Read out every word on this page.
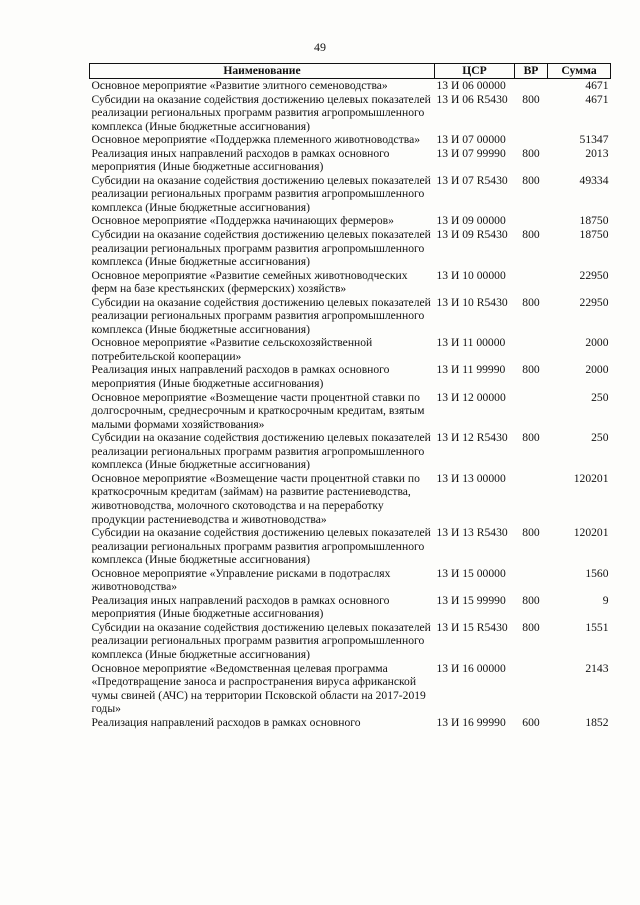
49
Наименование	ЦСР	ВР	Сумма
Основное мероприятие «Развитие элитного семеноводства»	13 И 06 00000		4671
Субсидии на оказание содействия достижению целевых показателей реализации региональных программ развития агропромышленного комплекса (Иные бюджетные ассигнования)	13 И 06 R5430	800	4671
Основное мероприятие «Поддержка племенного животноводства»	13 И 07 00000		51347
Реализация иных направлений расходов в рамках основного мероприятия (Иные бюджетные ассигнования)	13 И 07 99990	800	2013
Субсидии на оказание содействия достижению целевых показателей реализации региональных программ развития агропромышленного комплекса (Иные бюджетные ассигнования)	13 И 07 R5430	800	49334
Основное мероприятие «Поддержка начинающих фермеров»	13 И 09 00000		18750
Субсидии на оказание содействия достижению целевых показателей реализации региональных программ развития агропромышленного комплекса (Иные бюджетные ассигнования)	13 И 09 R5430	800	18750
Основное мероприятие «Развитие семейных животноводческих ферм на базе крестьянских (фермерских) хозяйств»	13 И 10 00000		22950
Субсидии на оказание содействия достижению целевых показателей реализации региональных программ развития агропромышленного комплекса (Иные бюджетные ассигнования)	13 И 10 R5430	800	22950
Основное мероприятие «Развитие сельскохозяйственной потребительской кооперации»	13 И 11 00000		2000
Реализация иных направлений расходов в рамках основного мероприятия (Иные бюджетные ассигнования)	13 И 11 99990	800	2000
Основное мероприятие «Возмещение части процентной ставки по долгосрочным, среднесрочным и краткосрочным кредитам, взятым малыми формами хозяйствования»	13 И 12 00000		250
Субсидии на оказание содействия достижению целевых показателей реализации региональных программ развития агропромышленного комплекса (Иные бюджетные ассигнования)	13 И 12 R5430	800	250
Основное мероприятие «Возмещение части процентной ставки по краткосрочным кредитам (займам) на развитие растениеводства, животноводства, молочного скотоводства и на переработку продукции растениеводства и животноводства»	13 И 13 00000		120201
Субсидии на оказание содействия достижению целевых показателей реализации региональных программ развития агропромышленного комплекса (Иные бюджетные ассигнования)	13 И 13 R5430	800	120201
Основное мероприятие «Управление рисками в подотраслях животноводства»	13 И 15 00000		1560
Реализация иных направлений расходов в рамках основного мероприятия (Иные бюджетные ассигнования)	13 И 15 99990	800	9
Субсидии на оказание содействия достижению целевых показателей реализации региональных программ развития агропромышленного комплекса (Иные бюджетные ассигнования)	13 И 15 R5430	800	1551
Основное мероприятие «Ведомственная целевая программа «Предотвращение заноса и распространения вируса африканской чумы свиней (АЧС) на территории Псковской области на 2017-2019 годы»	13 И 16 00000		2143
Реализация направлений расходов в рамках основного	13 И 16 99990	600	1852
